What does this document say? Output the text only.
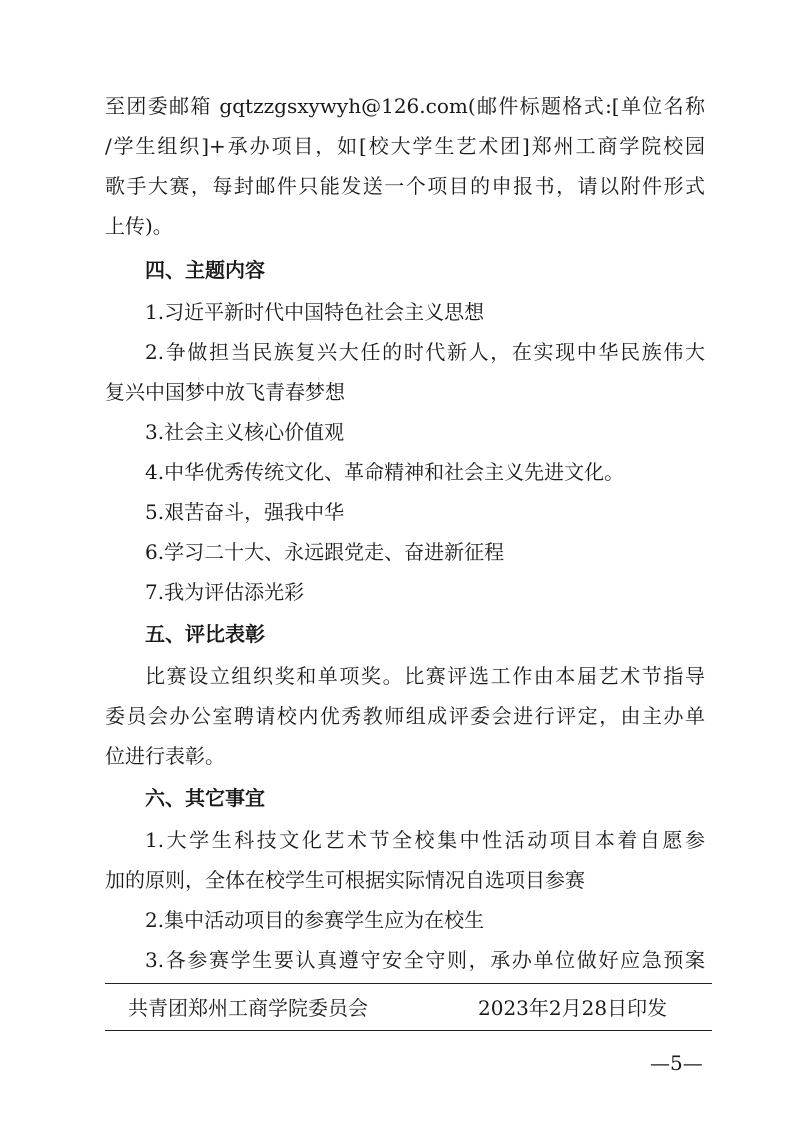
至团委邮箱 gqtzzgsxywyh@126.com(邮件标题格式:[单位名称
/学生组织]+承办项目，如[校大学生艺术团]郑州工商学院校园
歌手大赛，每封邮件只能发送一个项目的申报书，请以附件形式
上传)。
四、主题内容
1.习近平新时代中国特色社会主义思想
2.争做担当民族复兴大任的时代新人，在实现中华民族伟大
复兴中国梦中放飞青春梦想
3.社会主义核心价值观
4.中华优秀传统文化、革命精神和社会主义先进文化。
5.艰苦奋斗，强我中华
6.学习二十大、永远跟党走、奋进新征程
7.我为评估添光彩
五、评比表彰
比赛设立组织奖和单项奖。比赛评选工作由本届艺术节指导
委员会办公室聘请校内优秀教师组成评委会进行评定，由主办单
位进行表彰。
六、其它事宜
1.大学生科技文化艺术节全校集中性活动项目本着自愿参
加的原则，全体在校学生可根据实际情况自选项目参赛
2.集中活动项目的参赛学生应为在校生
3.各参赛学生要认真遵守安全守则，承办单位做好应急预案
共青团郑州工商学院委员会	2023年2月28日印发
—5—
